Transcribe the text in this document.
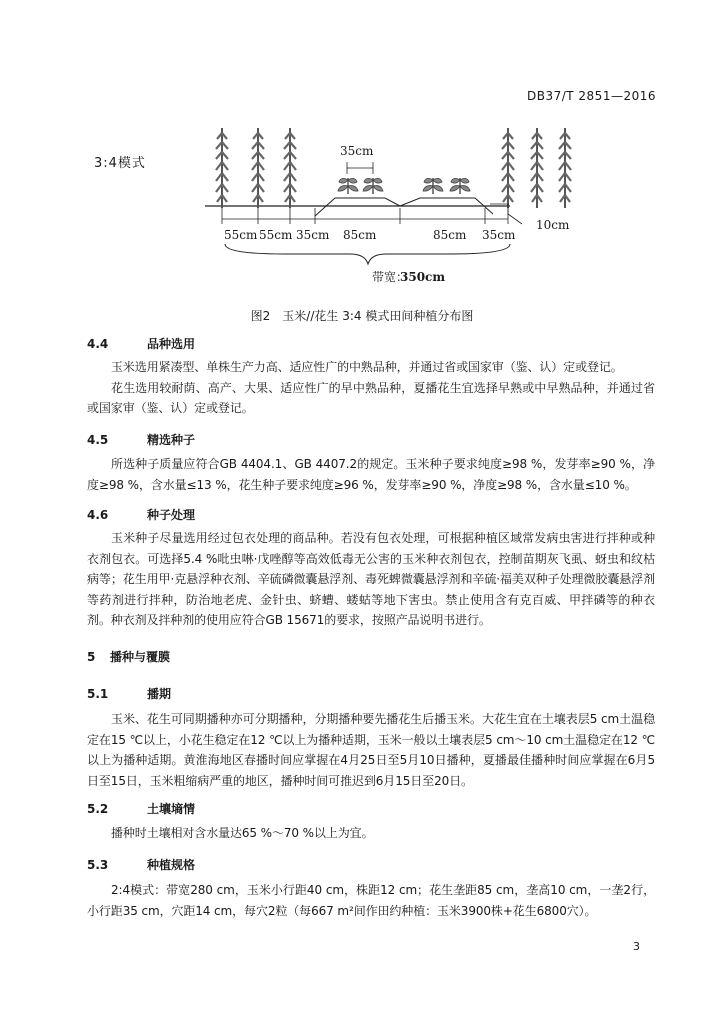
DB37/T 2851—2016
3:4模式
35cm
10cm
55cm 55cm 35cm 85cm	85cm 35cm
带宽：
350cm
图2　玉米//花生 3:4 模式田间种植分布图
4.4	品种选用

玉米选用紧凑型、单株生产力高、适应性广的中熟品种，并通过省或国家审（鉴、认）定或登记。

花生选用较耐荫、高产、大果、适应性广的早中熟品种，夏播花生宜选择早熟或中早熟品种，并通过省或国家审（鉴、认）定或登记。

4.5	精选种子

所选种子质量应符合GB 4404.1、GB 4407.2的规定。玉米种子要求纯度≥98 %，发芽率≥90 %，净度≥98 %，含水量≤13 %，花生种子要求纯度≥96 %，发芽率≥90 %，净度≥98 %，含水量≤10 %。

4.6	种子处理

玉米种子尽量选用经过包衣处理的商品种。若没有包衣处理，可根据种植区域常发病虫害进行拌种或种衣剂包衣。可选择5.4 %吡虫啉·戊唑醇等高效低毒无公害的玉米种衣剂包衣，控制苗期灰飞虱、蚜虫和纹枯病等；花生用甲·克悬浮种衣剂、辛硫磷微囊悬浮剂、毒死蜱微囊悬浮剂和辛硫·福美双种子处理微胶囊悬浮剂等药剂进行拌种，防治地老虎、金针虫、蛴螬、蝼蛄等地下害虫。禁止使用含有克百威、甲拌磷等的种衣剂。种衣剂及拌种剂的使用应符合GB 15671的要求，按照产品说明书进行。

5 播种与覆膜
5.1	播期

玉米、花生可同期播种亦可分期播种，分期播种要先播花生后播玉米。大花生宜在土壤表层5 cm土温稳定在15 ℃以上，小花生稳定在12 ℃以上为播种适期，玉米一般以土壤表层5 cm～10 cm土温稳定在12 ℃以上为播种适期。黄淮海地区春播时间应掌握在4月25日至5月10日播种，夏播最佳播种时间应掌握在6月5日至15日，玉米粗缩病严重的地区，播种时间可推迟到6月15日至20日。

5.2	土壤墒情

播种时土壤相对含水量达65 %～70 %以上为宜。

5.3	种植规格

2:4模式：带宽280 cm，玉米小行距40 cm，株距12 cm；花生垄距85 cm，垄高10 cm，一垄2行，小行距35 cm，穴距14 cm，每穴2粒（每667 m²间作田约种植：玉米3900株+花生6800穴）。

3
